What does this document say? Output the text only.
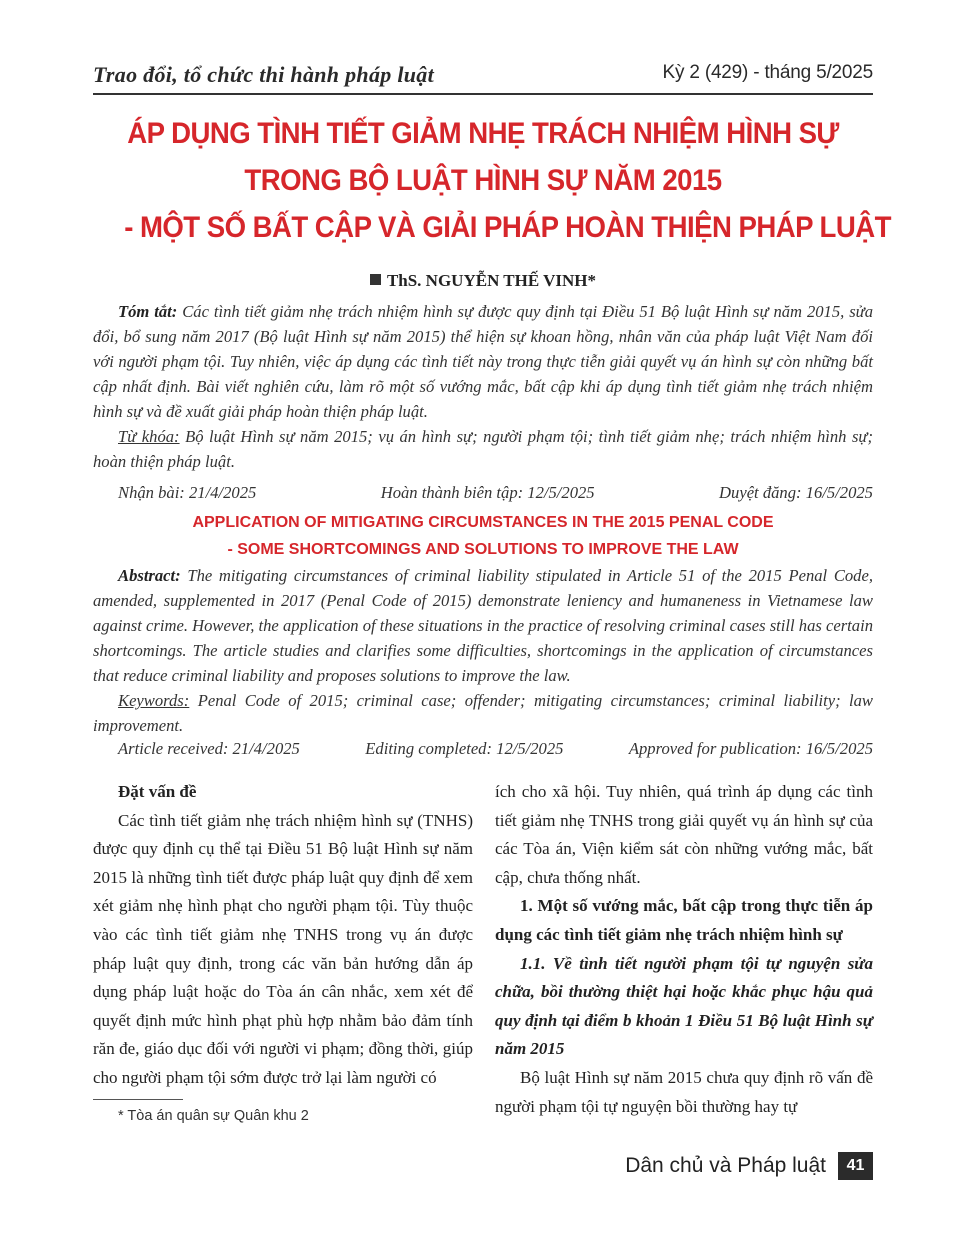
Trao đổi, tổ chức thi hành pháp luật	Kỳ 2 (429) - tháng 5/2025
ÁP DỤNG TÌNH TIẾT GIẢM NHẸ TRÁCH NHIỆM HÌNH SỰ
TRONG BỘ LUẬT HÌNH SỰ NĂM 2015
- MỘT SỐ BẤT CẬP VÀ GIẢI PHÁP HOÀN THIỆN PHÁP LUẬT
ThS. NGUYỄN THẾ VINH*

Tóm tắt: Các tình tiết giảm nhẹ trách nhiệm hình sự được quy định tại Điều 51 Bộ luật Hình sự năm 2015, sửa đổi, bổ sung năm 2017 (Bộ luật Hình sự năm 2015) thể hiện sự khoan hồng, nhân văn của pháp luật Việt Nam đối với người phạm tội. Tuy nhiên, việc áp dụng các tình tiết này trong thực tiễn giải quyết vụ án hình sự còn những bất cập nhất định. Bài viết nghiên cứu, làm rõ một số vướng mắc, bất cập khi áp dụng tình tiết giảm nhẹ trách nhiệm hình sự và đề xuất giải pháp hoàn thiện pháp luật.

Từ khóa: Bộ luật Hình sự năm 2015; vụ án hình sự; người phạm tội; tình tiết giảm nhẹ; trách nhiệm hình sự; hoàn thiện pháp luật.

Nhận bài: 21/4/2025	Hoàn thành biên tập: 12/5/2025	Duyệt đăng: 16/5/2025
APPLICATION OF MITIGATING CIRCUMSTANCES IN THE 2015 PENAL CODE
- SOME SHORTCOMINGS AND SOLUTIONS TO IMPROVE THE LAW

Abstract: The mitigating circumstances of criminal liability stipulated in Article 51 of the 2015 Penal Code, amended, supplemented in 2017 (Penal Code of 2015) demonstrate leniency and humaneness in Vietnamese law against crime. However, the application of these situations in the practice of resolving criminal cases still has certain shortcomings. The article studies and clarifies some difficulties, shortcomings in the application of circumstances that reduce criminal liability and proposes solutions to improve the law.

Keywords: Penal Code of 2015; criminal case; offender; mitigating circumstances; criminal liability; law improvement.

Article received: 21/4/2025	Editing completed: 12/5/2025	Approved for publication: 16/5/2025

Đặt vấn đề

Các tình tiết giảm nhẹ trách nhiệm hình sự (TNHS) được quy định cụ thể tại Điều 51 Bộ luật Hình sự năm 2015 là những tình tiết được pháp luật quy định để xem xét giảm nhẹ hình phạt cho người phạm tội. Tùy thuộc vào các tình tiết giảm nhẹ TNHS trong vụ án được pháp luật quy định, trong các văn bản hướng dẫn áp dụng pháp luật hoặc do Tòa án cân nhắc, xem xét để quyết định mức hình phạt phù hợp nhằm bảo đảm tính răn đe, giáo dục đối với người vi phạm; đồng thời, giúp cho người phạm tội sớm được trở lại làm người có

ích cho xã hội. Tuy nhiên, quá trình áp dụng các tình tiết giảm nhẹ TNHS trong giải quyết vụ án hình sự của các Tòa án, Viện kiểm sát còn những vướng mắc, bất cập, chưa thống nhất.

1. Một số vướng mắc, bất cập trong thực tiễn áp dụng các tình tiết giảm nhẹ trách nhiệm hình sự

1.1. Về tình tiết người phạm tội tự nguyện sửa chữa, bồi thường thiệt hại hoặc khắc phục hậu quả quy định tại điểm b khoản 1 Điều 51 Bộ luật Hình sự năm 2015

Bộ luật Hình sự năm 2015 chưa quy định rõ vấn đề người phạm tội tự nguyện bồi thường hay tự

* Tòa án quân sự Quân khu 2
Dân chủ và Pháp luật	41
